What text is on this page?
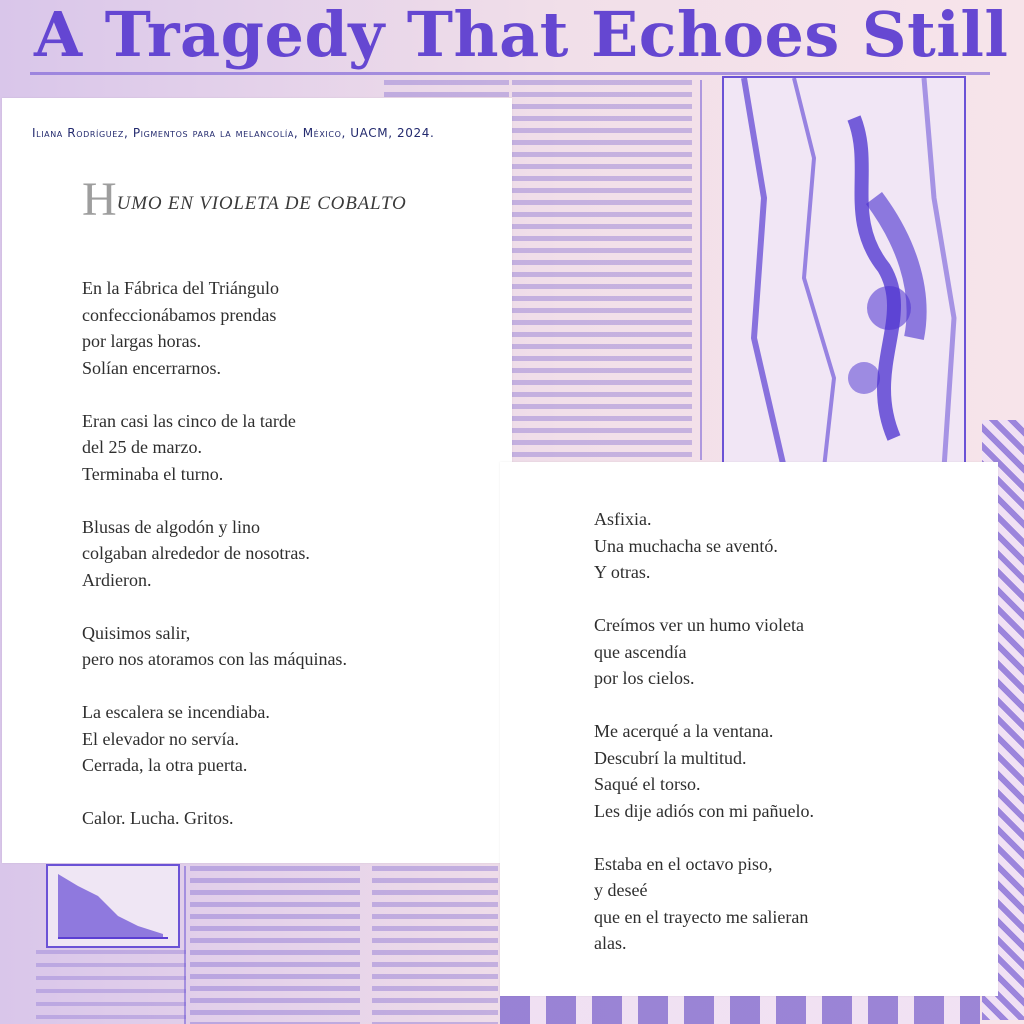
A Tragedy That Echoes Still
Iliana Rodríguez, Pigmentos para la melancolía, México, UACM, 2024.
HUMO EN VIOLETA DE COBALTO
En la Fábrica del Triángulo
confeccionábamos prendas
por largas horas.
Solían encerrarnos.
Eran casi las cinco de la tarde
del 25 de marzo.
Terminaba el turno.
Blusas de algodón y lino
colgaban alrededor de nosotras.
Ardieron.
Quisimos salir,
pero nos atoramos con las máquinas.
La escalera se incendiaba.
El elevador no servía.
Cerrada, la otra puerta.
Calor. Lucha. Gritos.
Asfixia.
Una muchacha se aventó.
Y otras.
Creímos ver un humo violeta
que ascendía
por los cielos.
Me acerqué a la ventana.
Descubrí la multitud.
Saqué el torso.
Les dije adiós con mi pañuelo.
Estaba en el octavo piso,
y deseé
que en el trayecto me salieran
alas.
